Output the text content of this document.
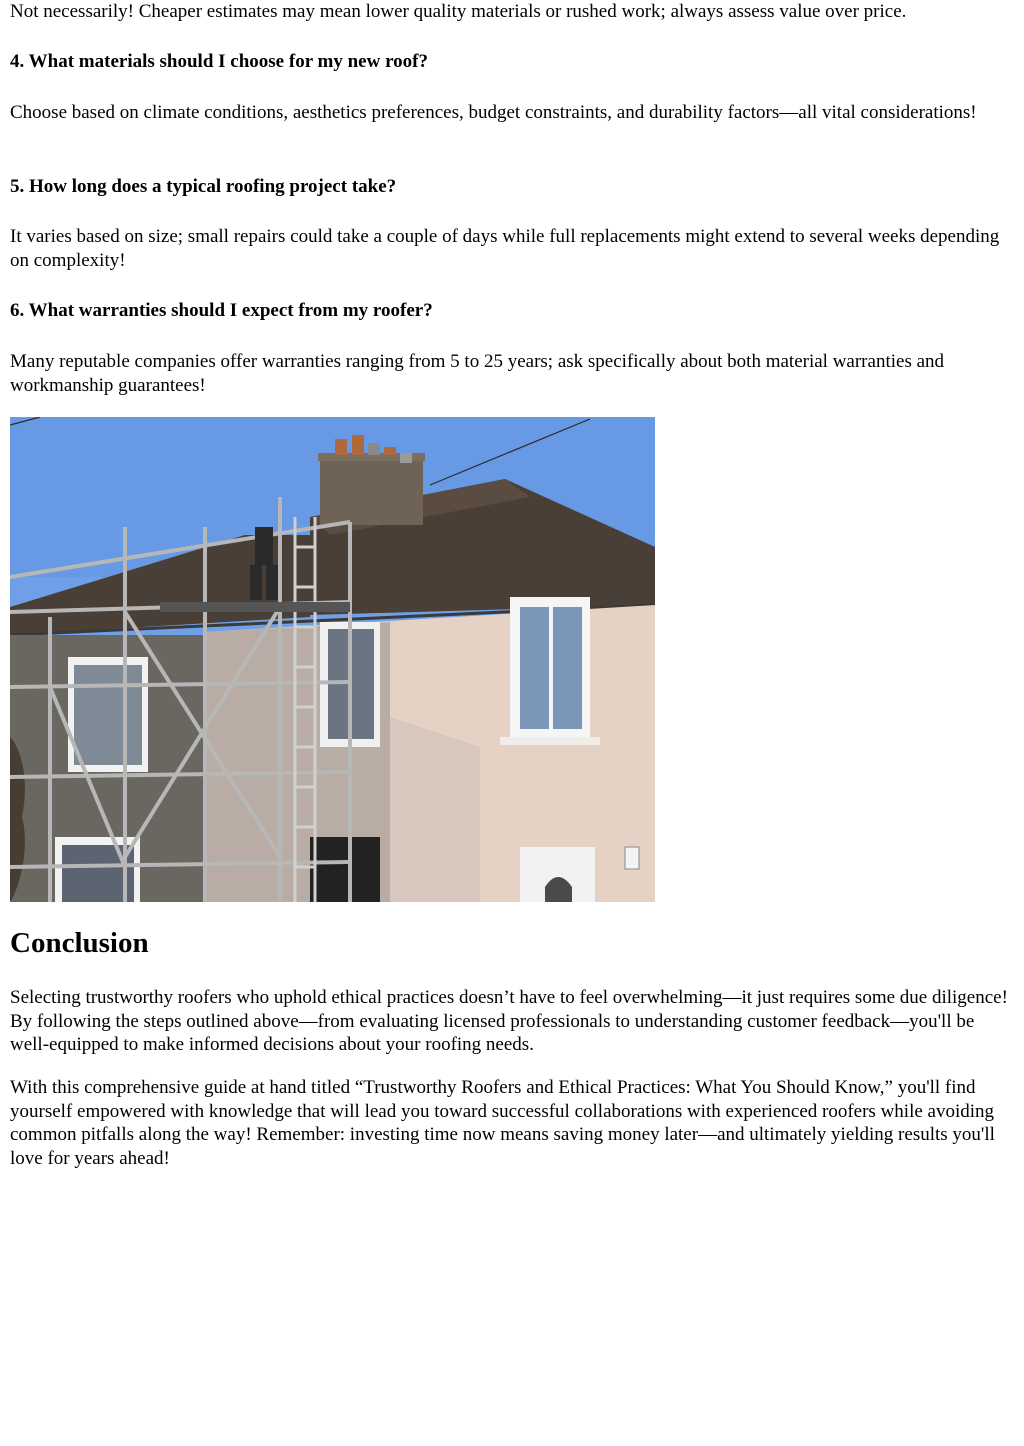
Not necessarily! Cheaper estimates may mean lower quality materials or rushed work; always assess value over price.

4. What materials should I choose for my new roof?

Choose based on climate conditions, aesthetics preferences, budget constraints, and durability factors—all vital considerations!

5. How long does a typical roofing project take?

It varies based on size; small repairs could take a couple of days while full replacements might extend to several weeks depending on complexity!

6. What warranties should I expect from my roofer?

Many reputable companies offer warranties ranging from 5 to 25 years; ask specifically about both material warranties and workmanship guarantees!

Conclusion

Selecting trustworthy roofers who uphold ethical practices doesn’t have to feel overwhelming—it just requires some due diligence! By following the steps outlined above—from evaluating licensed professionals to understanding customer feedback—you'll be well-equipped to make informed decisions about your roofing needs.

With this comprehensive guide at hand titled “Trustworthy Roofers and Ethical Practices: What You Should Know,” you'll find yourself empowered with knowledge that will lead you toward successful collaborations with experienced roofers while avoiding common pitfalls along the way! Remember: investing time now means saving money later—and ultimately yielding results you'll love for years ahead!
